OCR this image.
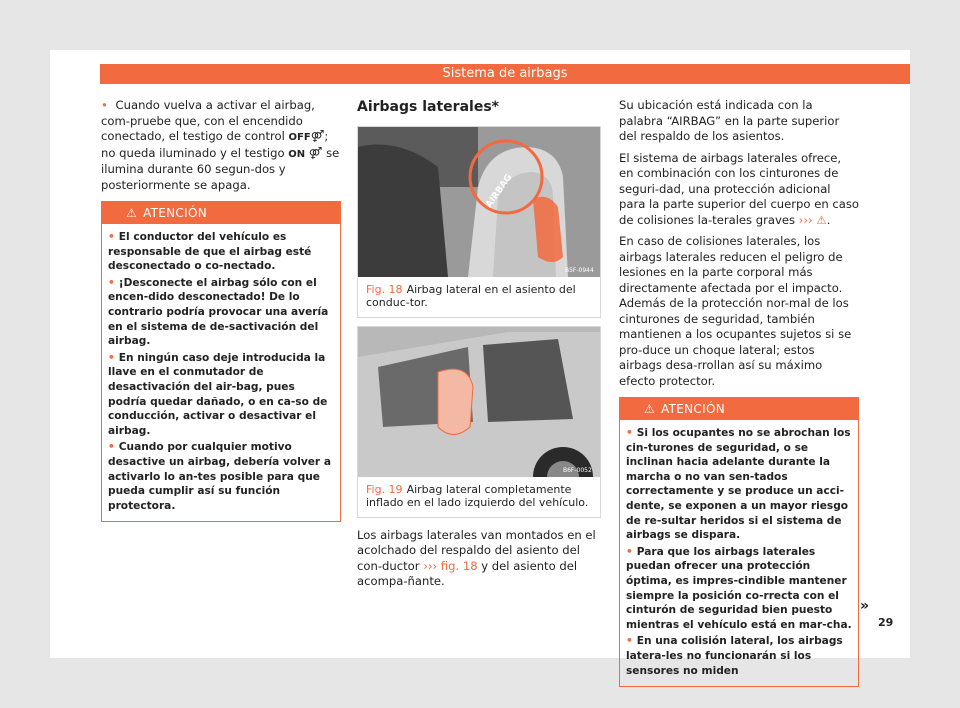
Sistema de airbags

• Cuando vuelva a activar el airbag, com-pruebe que, con el encendido conectado, el testigo de control OFF⚤; no queda iluminado y el testigo ON ⚤ se ilumina durante 60 segun-dos y posteriormente se apaga.

⚠ ATENCIÓN

• El conductor del vehículo es responsable de que el airbag esté desconectado o co-nectado.

• ¡Desconecte el airbag sólo con el encen-dido desconectado! De lo contrario podría provocar una avería en el sistema de de-sactivación del airbag.

• En ningún caso deje introducida la llave en el conmutador de desactivación del air-bag, pues podría quedar dañado, o en ca-so de conducción, activar o desactivar el airbag.

• Cuando por cualquier motivo desactive un airbag, debería volver a activarlo lo an-tes posible para que pueda cumplir así su función protectora.

Airbags laterales*
AIRBAG
B5F-0944
Fig. 18 Airbag lateral en el asiento del conduc-tor.
B6F-0052
Fig. 19 Airbag lateral completamente inflado en el lado izquierdo del vehículo.

Los airbags laterales van montados en el acolchado del respaldo del asiento del con-ductor ››› fig. 18 y del asiento del acompa-ñante.

Su ubicación está indicada con la palabra “AIRBAG” en la parte superior del respaldo de los asientos.

El sistema de airbags laterales ofrece, en combinación con los cinturones de seguri-dad, una protección adicional para la parte superior del cuerpo en caso de colisiones la-terales graves ››› ⚠.

En caso de colisiones laterales, los airbags laterales reducen el peligro de lesiones en la parte corporal más directamente afectada por el impacto. Además de la protección nor-mal de los cinturones de seguridad, también mantienen a los ocupantes sujetos si se pro-duce un choque lateral; estos airbags desa-rrollan así su máximo efecto protector.

⚠ ATENCIÓN

• Si los ocupantes no se abrochan los cin-turones de seguridad, o se inclinan hacia adelante durante la marcha o no van sen-tados correctamente y se produce un acci-dente, se exponen a un mayor riesgo de re-sultar heridos si el sistema de airbags se dispara.

• Para que los airbags laterales puedan ofrecer una protección óptima, es impres-cindible mantener siempre la posición co-rrecta con el cinturón de seguridad bien puesto mientras el vehículo está en mar-cha.

• En una colisión lateral, los airbags latera-les no funcionarán si los sensores no miden

»
29
